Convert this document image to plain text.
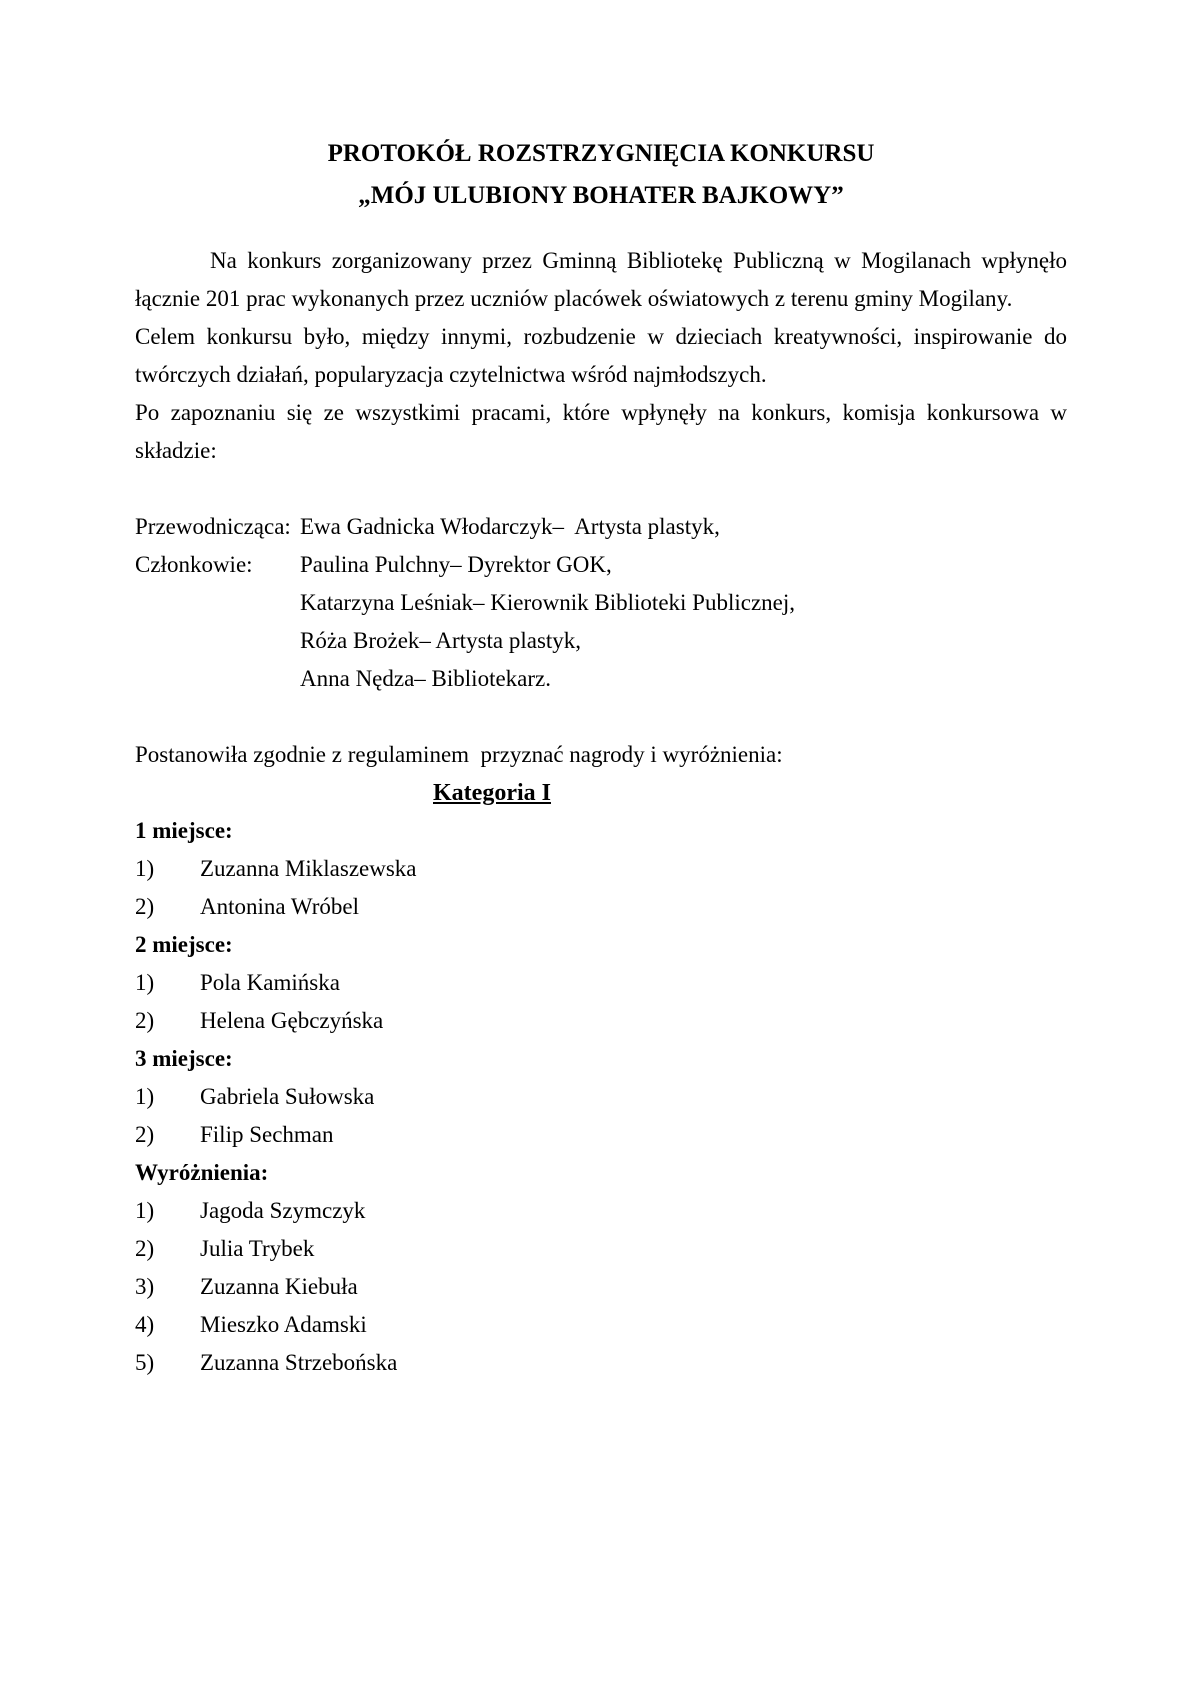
PROTOKÓŁ ROZSTRZYGNIĘCIA KONKURSU

„MÓJ ULUBIONY BOHATER BAJKOWY”

Na konkurs zorganizowany przez Gminną Bibliotekę Publiczną w Mogilanach wpłynęło łącznie 201 prac wykonanych przez uczniów placówek oświatowych z terenu gminy Mogilany.

Celem konkursu było, między innymi, rozbudzenie w dzieciach kreatywności, inspirowanie do twórczych działań, popularyzacja czytelnictwa wśród najmłodszych.

Po zapoznaniu się ze wszystkimi pracami, które wpłynęły na konkurs, komisja konkursowa w składzie:

Przewodnicząca: Ewa Gadnicka Włodarczyk–  Artysta plastyk,
Członkowie:	Paulina Pulchny– Dyrektor GOK,
Katarzyna Leśniak– Kierownik Biblioteki Publicznej,
Róża Brożek– Artysta plastyk,
Anna Nędza– Bibliotekarz.

Postanowiła zgodnie z regulaminem  przyznać nagrody i wyróżnienia:

Kategoria I

1 miejsce:
1)	Zuzanna Miklaszewska
2)	Antonina Wróbel
2 miejsce:
1)	Pola Kamińska
2)	Helena Gębczyńska
3 miejsce:
1)	Gabriela Sułowska
2)	Filip Sechman
Wyróżnienia:
1)	Jagoda Szymczyk
2)	Julia Trybek
3)	Zuzanna Kiebuła
4)	Mieszko Adamski
5)	Zuzanna Strzebońska
